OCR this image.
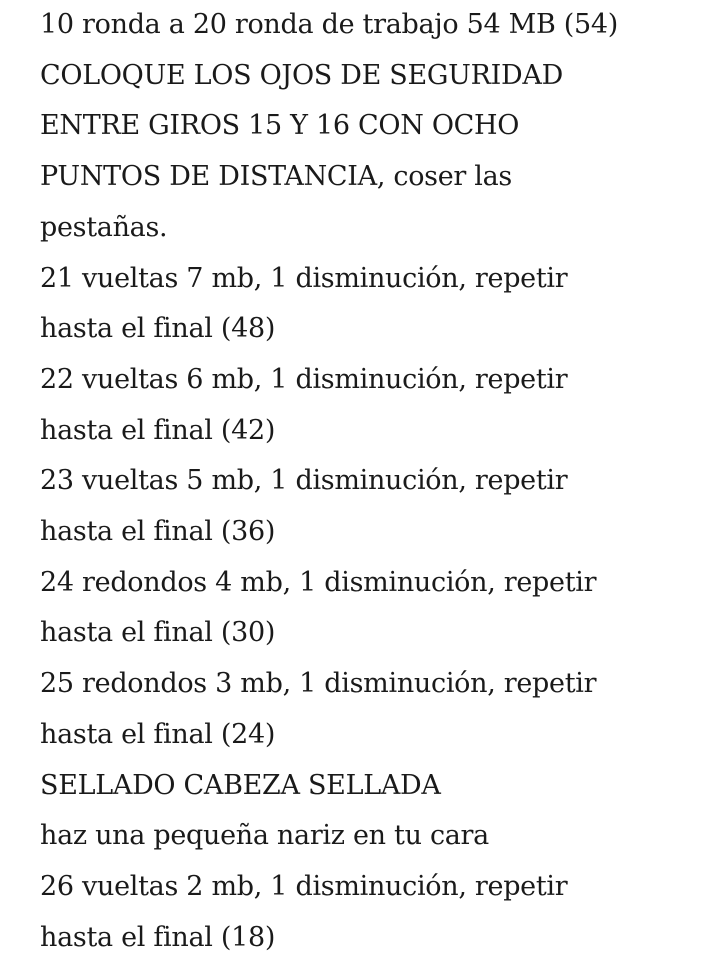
10 ronda a 20 ronda de trabajo 54 MB (54)
COLOQUE LOS OJOS DE SEGURIDAD
ENTRE GIROS 15 Y 16 CON OCHO
PUNTOS DE DISTANCIA, coser las
pestañas.
21 vueltas 7 mb, 1 disminución, repetir
hasta el final (48)
22 vueltas 6 mb, 1 disminución, repetir
hasta el final (42)
23 vueltas 5 mb, 1 disminución, repetir
hasta el final (36)
24 redondos 4 mb, 1 disminución, repetir
hasta el final (30)
25 redondos 3 mb, 1 disminución, repetir
hasta el final (24)
SELLADO CABEZA SELLADA
haz una pequeña nariz en tu cara
26 vueltas 2 mb, 1 disminución, repetir
hasta el final (18)
